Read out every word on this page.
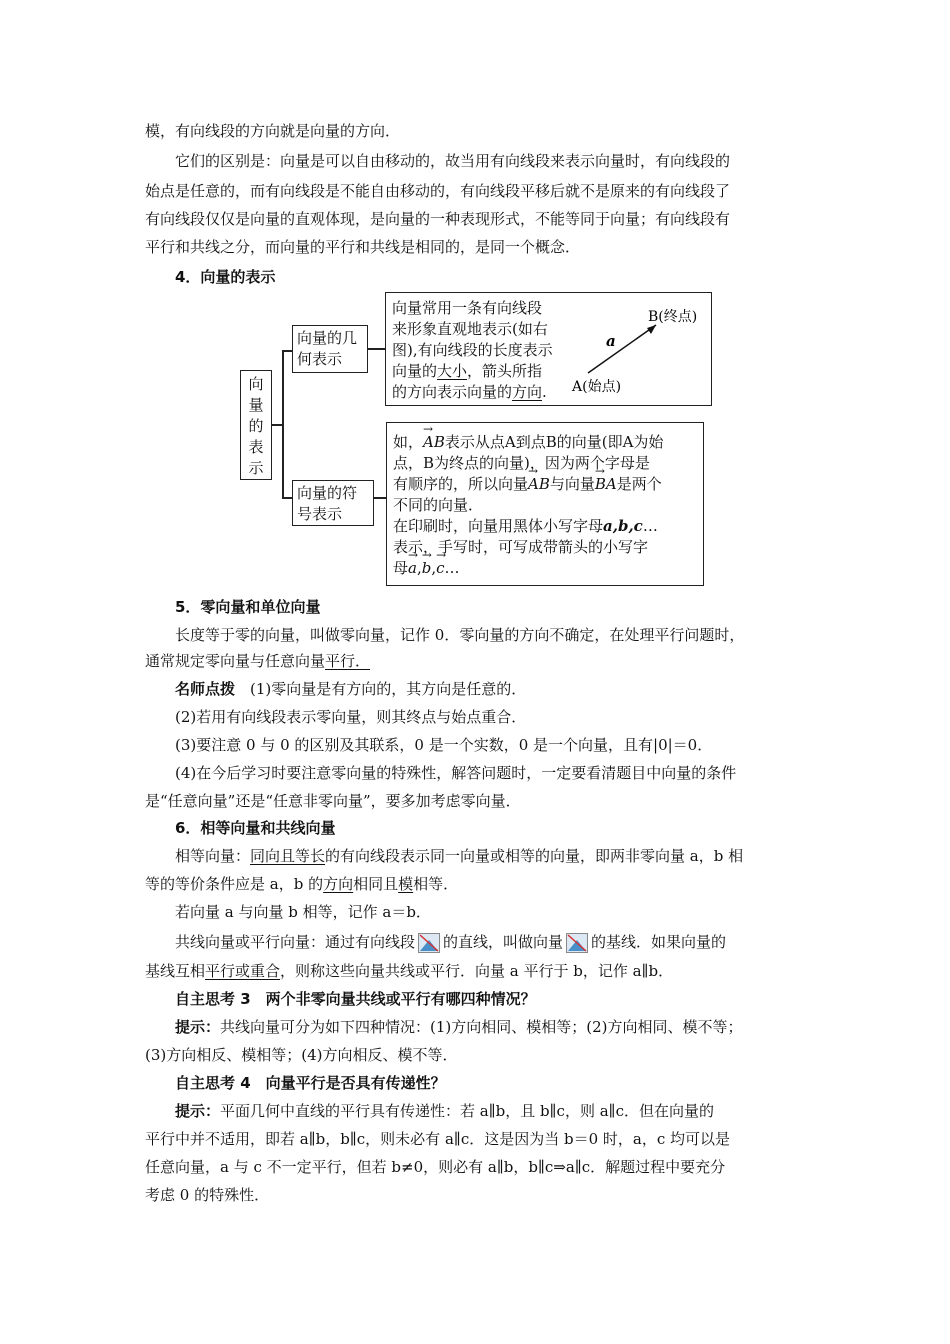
模，有向线段的方向就是向量的方向．
它们的区别是：向量是可以自由移动的，故当用有向线段来表示向量时，有向线段的
始点是任意的，而有向线段是不能自由移动的，有向线段平移后就不是原来的有向线段了
有向线段仅仅是向量的直观体现，是向量的一种表现形式，不能等同于向量；有向线段有
平行和共线之分，而向量的平行和共线是相同的，是同一个概念．
4．向量的表示
向
量
的
表
示
向量的几
何表示
向量常用一条有向线段
来形象直观地表示(如右
图),有向线段的长度表示
向量的大小，箭头所指
的方向表示向量的方向.
a
B(终点)
A(始点)
向量的符
号表示
如，→ AB表示从点A到点B的向量(即A为始
点，B为终点的向量)，因为两个字母是
有顺序的，所以向量→ AB与向量→ BA是两个
不同的向量．
在印刷时，向量用黑体小写字母a,b,c…
表示，手写时，可写成带箭头的小写字
母→ a,→ b,→ c…
5．零向量和单位向量
长度等于零的向量，叫做零向量，记作 0．零向量的方向不确定，在处理平行问题时，
通常规定零向量与任意向量平行．
名师点拨　 (1)零向量是有方向的，其方向是任意的．
(2)若用有向线段表示零向量，则其终点与始点重合．
(3)要注意 0 与 0 的区别及其联系，0 是一个实数，0 是一个向量，且有|0|＝0．
(4)在今后学习时要注意零向量的特殊性，解答问题时，一定要看清题目中向量的条件
是“任意向量”还是“任意非零向量”，要多加考虑零向量．
6．相等向量和共线向量
相等向量：同向且等长的有向线段表示同一向量或相等的向量，即两非零向量 a，b 相
等的等价条件应是 a，b 的方向相同且模相等．
若向量 a 与向量 b 相等，记作 a＝b．
共线向量或平行向量：通过有向线段 的直线，叫做向量 的基线．如果向量的
基线互相平行或重合，则称这些向量共线或平行．向量 a 平行于 b，记作 a∥b．
自主思考 3　两个非零向量共线或平行有哪四种情况？
提示：共线向量可分为如下四种情况：(1)方向相同、模相等；(2)方向相同、模不等；
(3)方向相反、模相等；(4)方向相反、模不等．
自主思考 4　向量平行是否具有传递性？
提示：平面几何中直线的平行具有传递性：若 a∥b，且 b∥c，则 a∥c．但在向量的
平行中并不适用，即若 a∥b，b∥c，则未必有 a∥c．这是因为当 b＝0 时，a，c 均可以是
任意向量，a 与 c 不一定平行，但若 b≠0，则必有 a∥b，b∥c⇒a∥c．解题过程中要充分
考虑 0 的特殊性．
